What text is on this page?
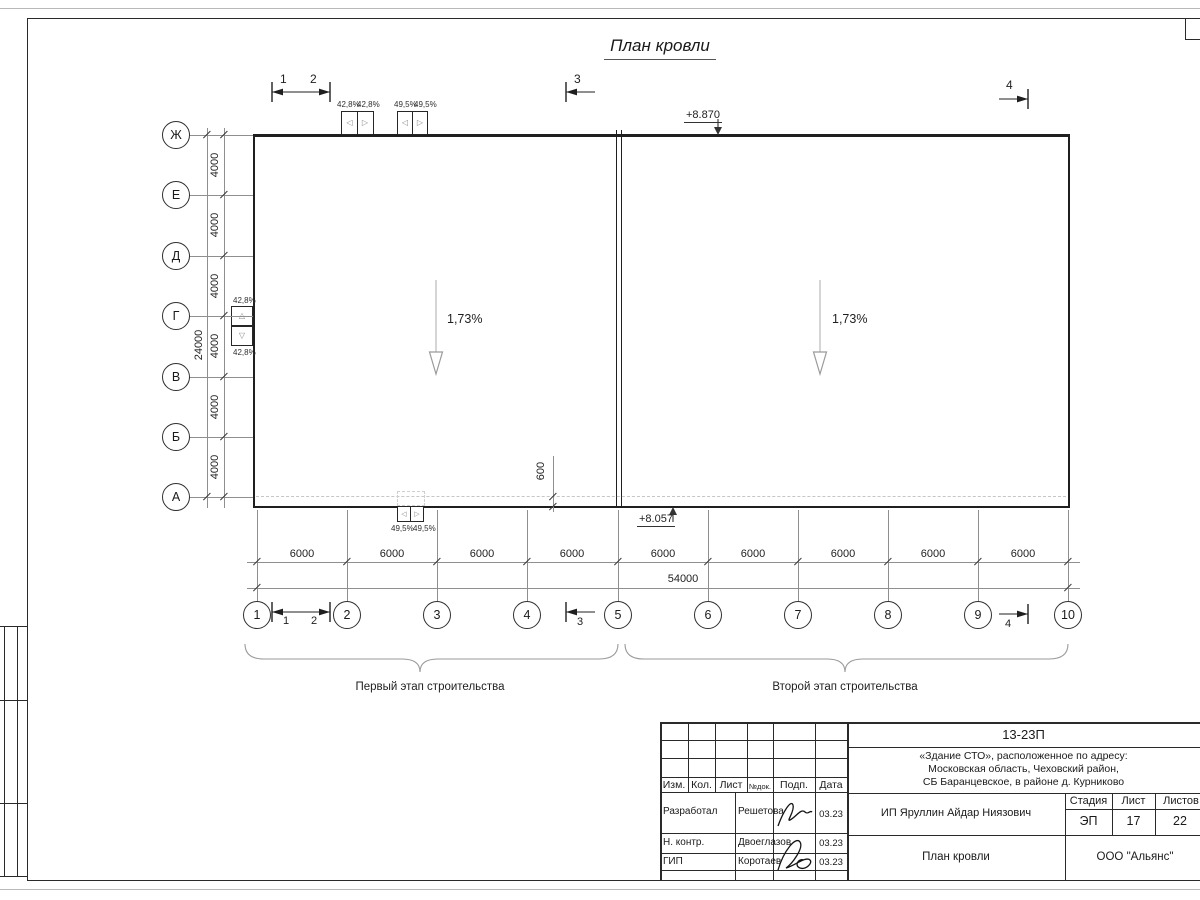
План кровли
1,73%	1,73%
42,8%
42,8%
◁ ▷
49,5%
49,5%
◁ ▷
42,8%
▽
42,8%
◁ ▷
49,5% 49,5%
Ж
Е
Д
Г
В
Б
А
4000
4000
4000
4000
4000
4000
24000
6000	6000	6000	6000	6000	6000	6000	6000	6000
54000
1	2	3	4	5	6	7	8	9	10
1 2	3	4
1 2	3	4
+8.870
+8.057
600
Первый этап строительства	Второй этап строительства
Изм. Кол. Лист №док. Подп.	Дата
Разработал Решетова	03.23
Н. контр.	Двоеглазов	03.23
ГИП	Коротаев	03.23
13-23П
«Здание СТО», расположенное по адресу:
Московская область, Чеховский район,
СБ Баранцевское, в районе д. Курниково
ИП Яруллин Айдар Ниязович
Стадия	Лист	Листов
ЭП	17	22
План кровли	ООО "Альянс"
